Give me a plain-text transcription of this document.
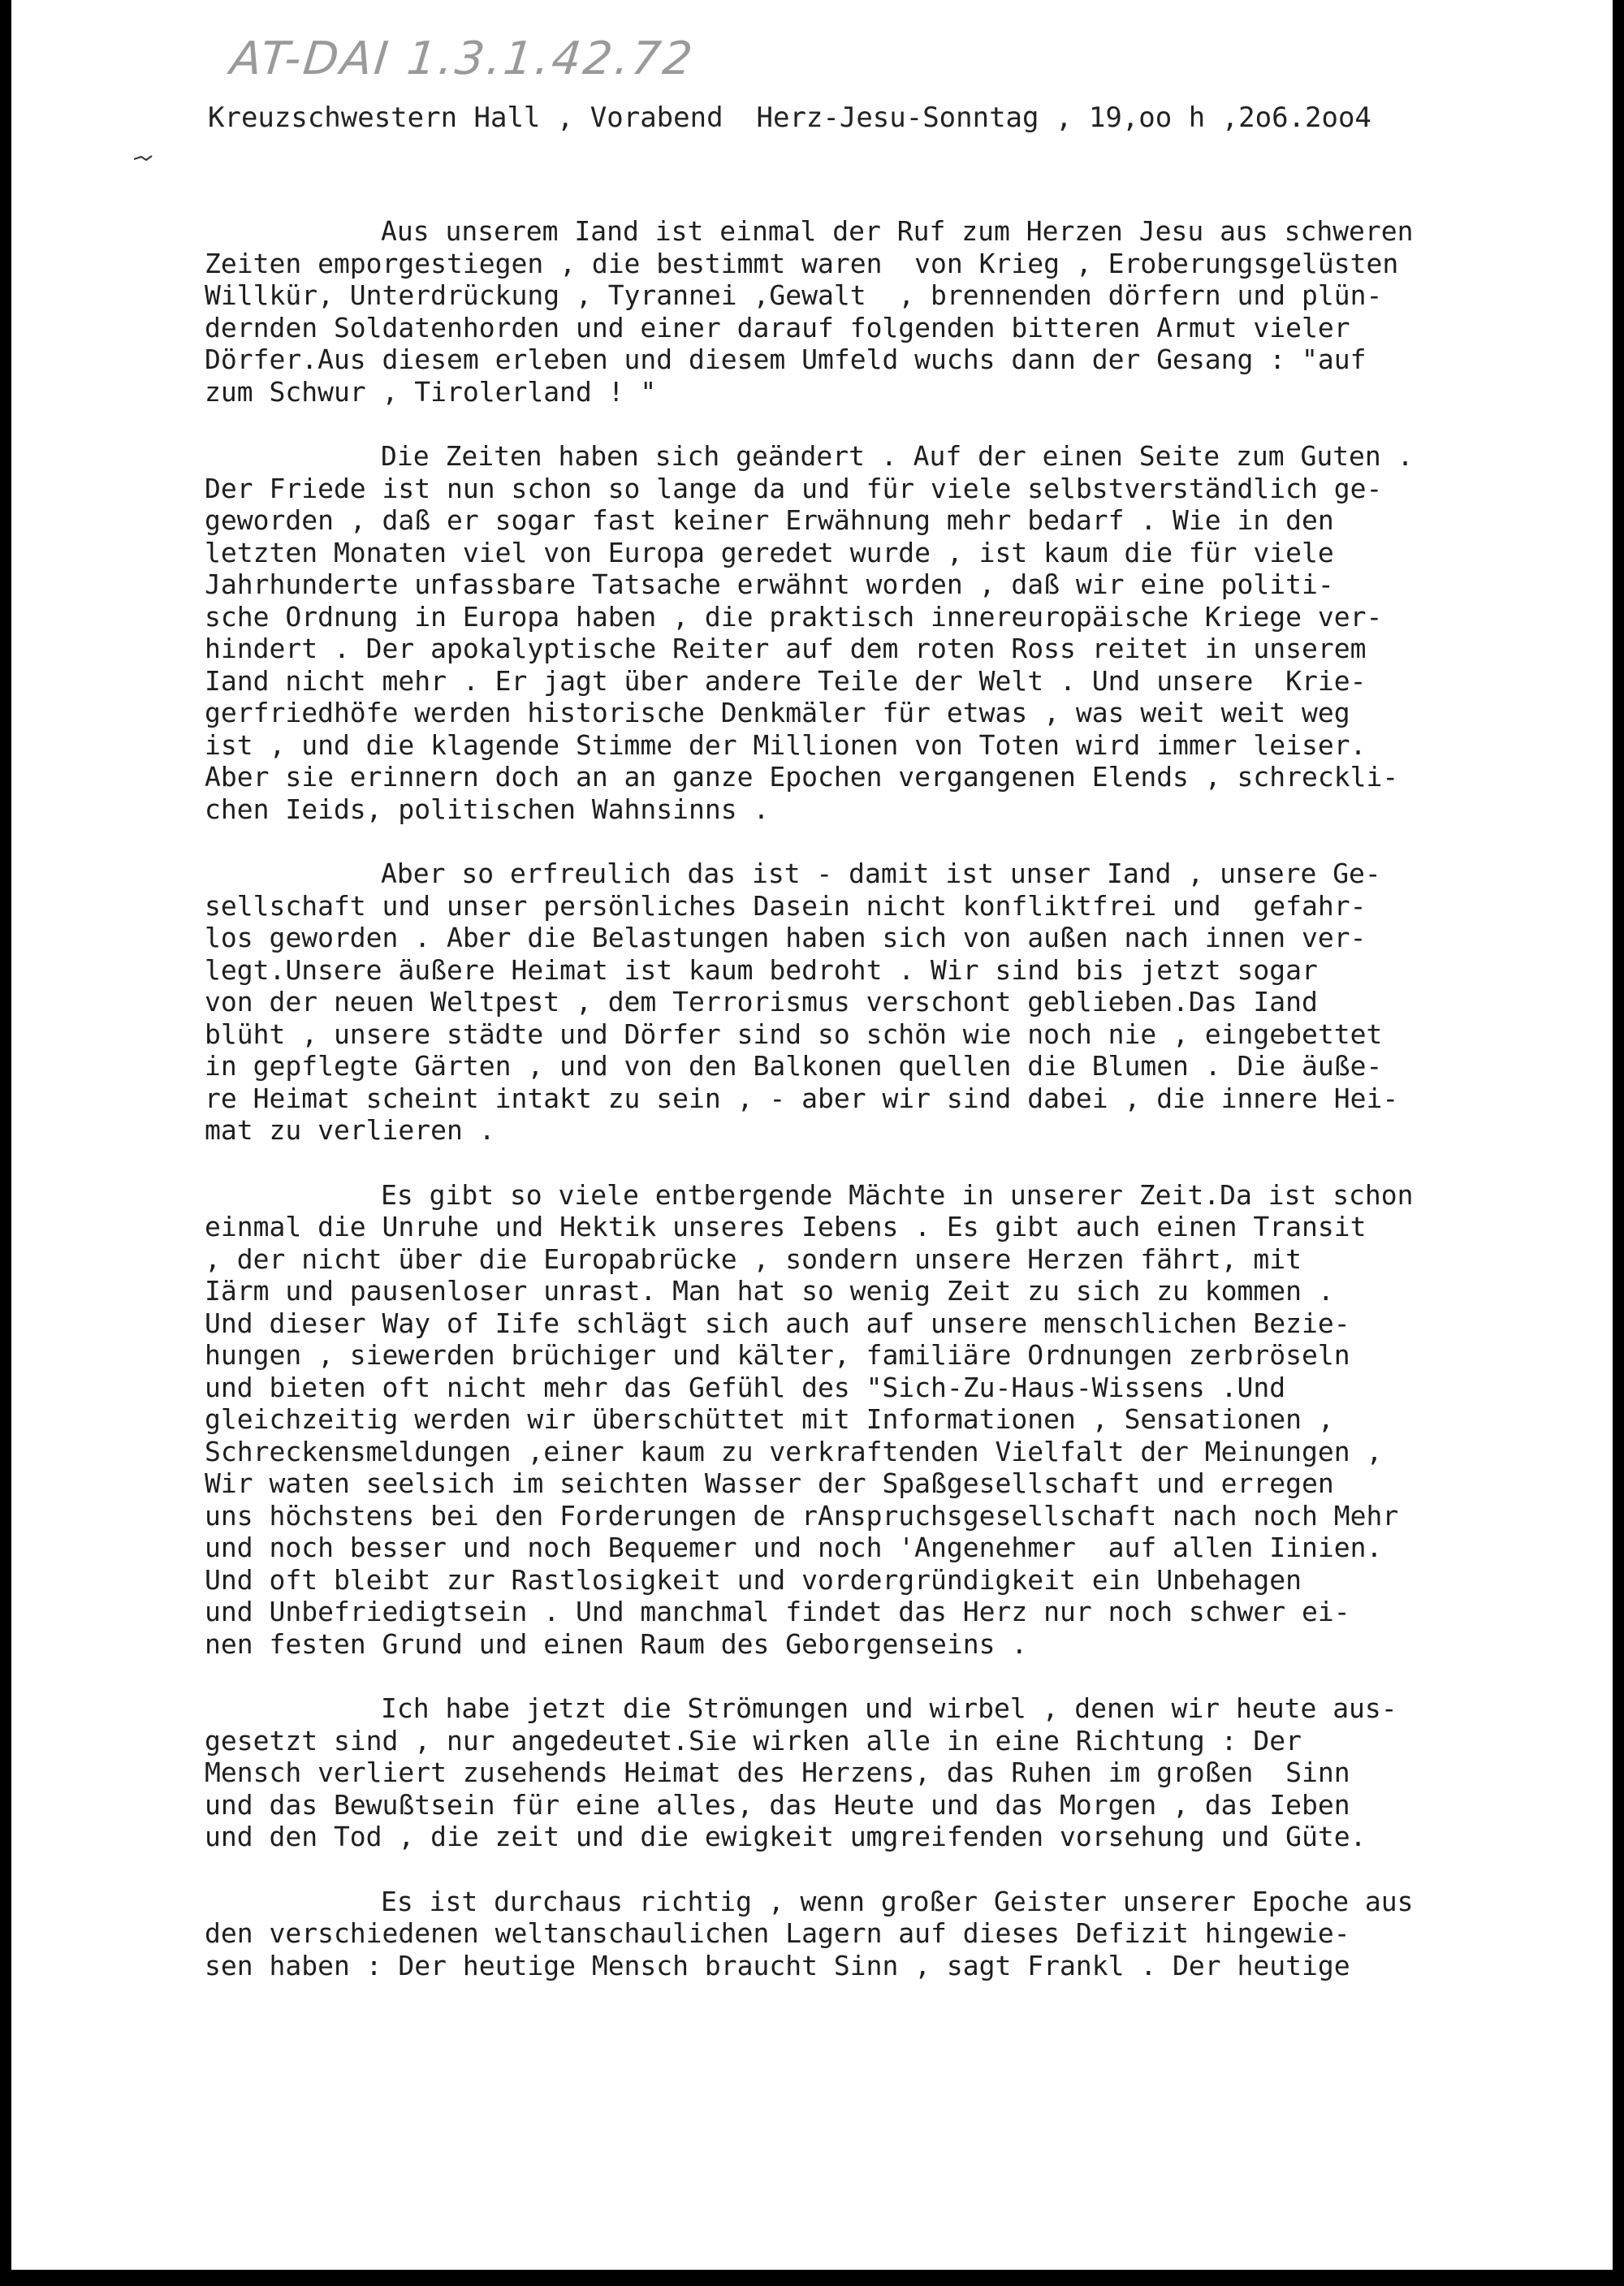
AT-DAI 1.3.1.42.72

Kreuzschwestern Hall , Vorabend  Herz-Jesu-Sonntag , 19,oo h ,2o6.2oo4

Aus unserem Iand ist einmal der Ruf zum Herzen Jesu aus schweren
Zeiten emporgestiegen , die bestimmt waren  von Krieg , Eroberungsgelüsten
Willkür, Unterdrückung , Tyrannei ,Gewalt  , brennenden dörfern und plün-
dernden Soldatenhorden und einer darauf folgenden bitteren Armut vieler
Dörfer.Aus diesem erleben und diesem Umfeld wuchs dann der Gesang : "auf
zum Schwur , Tirolerland ! "
Die Zeiten haben sich geändert . Auf der einen Seite zum Guten .
Der Friede ist nun schon so lange da und für viele selbstverständlich ge-
geworden , daß er sogar fast keiner Erwähnung mehr bedarf . Wie in den
letzten Monaten viel von Europa geredet wurde , ist kaum die für viele
Jahrhunderte unfassbare Tatsache erwähnt worden , daß wir eine politi-
sche Ordnung in Europa haben , die praktisch innereuropäische Kriege ver-
hindert . Der apokalyptische Reiter auf dem roten Ross reitet in unserem
Iand nicht mehr . Er jagt über andere Teile der Welt . Und unsere  Krie-
gerfriedhöfe werden historische Denkmäler für etwas , was weit weit weg
ist , und die klagende Stimme der Millionen von Toten wird immer leiser.
Aber sie erinnern doch an an ganze Epochen vergangenen Elends , schreckli-
chen Ieids, politischen Wahnsinns .
Aber so erfreulich das ist - damit ist unser Iand , unsere Ge-
sellschaft und unser persönliches Dasein nicht konfliktfrei und  gefahr-
los geworden . Aber die Belastungen haben sich von außen nach innen ver-
legt.Unsere äußere Heimat ist kaum bedroht . Wir sind bis jetzt sogar
von der neuen Weltpest , dem Terrorismus verschont geblieben.Das Iand
blüht , unsere städte und Dörfer sind so schön wie noch nie , eingebettet
in gepflegte Gärten , und von den Balkonen quellen die Blumen . Die äuße-
re Heimat scheint intakt zu sein , - aber wir sind dabei , die innere Hei-
mat zu verlieren .
Es gibt so viele entbergende Mächte in unserer Zeit.Da ist schon
einmal die Unruhe und Hektik unseres Iebens . Es gibt auch einen Transit
, der nicht über die Europabrücke , sondern unsere Herzen fährt, mit
Iärm und pausenloser unrast. Man hat so wenig Zeit zu sich zu kommen .
Und dieser Way of Iife schlägt sich auch auf unsere menschlichen Bezie-
hungen , siewerden brüchiger und kälter, familiäre Ordnungen zerbröseln
und bieten oft nicht mehr das Gefühl des "Sich-Zu-Haus-Wissens .Und
gleichzeitig werden wir überschüttet mit Informationen , Sensationen ,
Schreckensmeldungen ,einer kaum zu verkraftenden Vielfalt der Meinungen ,
Wir waten seelsich im seichten Wasser der Spaßgesellschaft und erregen
uns höchstens bei den Forderungen de rAnspruchsgesellschaft nach noch Mehr
und noch besser und noch Bequemer und noch 'Angenehmer  auf allen Iinien.
Und oft bleibt zur Rastlosigkeit und vordergründigkeit ein Unbehagen
und Unbefriedigtsein . Und manchmal findet das Herz nur noch schwer ei-
nen festen Grund und einen Raum des Geborgenseins .
Ich habe jetzt die Strömungen und wirbel , denen wir heute aus-
gesetzt sind , nur angedeutet.Sie wirken alle in eine Richtung : Der
Mensch verliert zusehends Heimat des Herzens, das Ruhen im großen  Sinn
und das Bewußtsein für eine alles, das Heute und das Morgen , das Ieben
und den Tod , die zeit und die ewigkeit umgreifenden vorsehung und Güte.
Es ist durchaus richtig , wenn großer Geister unserer Epoche aus
den verschiedenen weltanschaulichen Lagern auf dieses Defizit hingewie-
sen haben : Der heutige Mensch braucht Sinn , sagt Frankl . Der heutige
